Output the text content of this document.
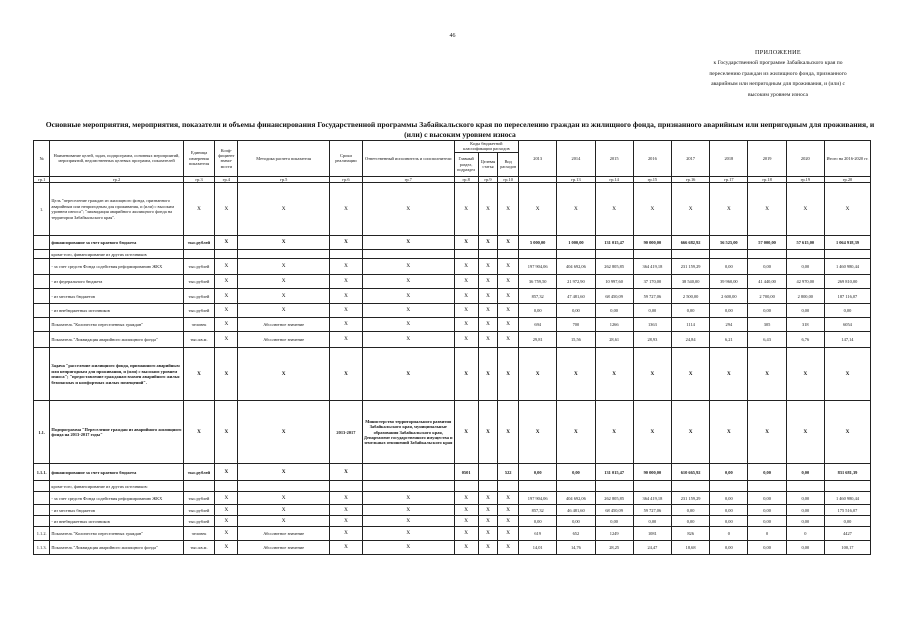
46
ПРИЛОЖЕНИЕ
к Государственной программе Забайкальского края по
переселению граждан из жилищного фонда, признанного
аварийным или непригодным для проживания, и (или) с
высоким уровнем износа
Основные мероприятия, мероприятия, показатели и объемы финансирования Государственной программы Забайкальского края по переселению граждан из жилищного фонда, признанного аварийным или непригодным для проживания, и (или) с высоким уровнем износа
№	Наименование целей, задач, подпрограмм, основных мероприятий, мероприятий, ведомственных целевых программ, показателей	Единица измерения показателя	Коэф-фициент значи-мости	Методика расчета показателя	Сроки реализации	Ответственный исполнитель и соисполнители	Коды бюджетной классификации расходов			2013	2014	2015	2016	2017	2018	2019	2020	Итого на 2016-2020 гг.
							Главный раздел, подраздел	Целевая статья	Вид расходов									
гр.1	гр.2	гр.3	гр.4	гр.5	гр.6	гр.7	гр.8	гр.9	гр.10		гр.13	гр.14	гр.15	гр.16	гр.17	гр.18	гр.19	гр.20
1.	Цель "переселение граждан из жилищного фонда, признанного аварийным или непригодным для проживания, и (или) с высоким уровнем износа"; "ликвидация аварийного жилищного фонда на территории Забайкальского края".	X	X	X	X	X	X	X	X	X	X	X	X	X	X	X	X	X
	финансирование за счет краевого бюджета	тыс.рублей	X	X	X	X	X	X	X	5 000,00	1 000,00	131 015,47	90 000,00	666 682,92	56 525,00	57 000,00	57 615,00	1 064 918,39
	кроме того, финансирование из других источников																	
	- за счет средств Фонда содействия реформированию ЖКХ	тыс.рублей	X	X	X	X	X	X	X	197 904,06	404 692,06	262 805,85	364 419,18	231 159,29	0,00	0,00	0,00	1 460 980,44
	- из федерального бюджета	тыс.рублей	X	X	X	X	X	X	X	36 759,50	21 972,90	10 997,60	37 170,00	38 540,00	39 960,00	41 440,00	42 970,00	269 810,00
	- из местных бюджетов	тыс.рублей	X	X	X	X	X	X	X	857,32	47 481,60	68 450,09	59 727,06	2 500,00	2 600,00	2 700,00	2 800,00	187 116,07
	- из внебюджетных источников	тыс.рублей	X	X	X	X	X	X	X	0,00	0,00	0,00	0,00	0,00	0,00	0,00	0,00	0,00
	Показатель "Количество переселенных граждан"	человек	X	Абсолютное значение	X	X	X	X	X	694	700	1266	1363	1114	294	305	318	6054
	Показатель "Ликвидация аварийного жилищного фонда"	тыс.кв.м.	X	Абсолютное значение	X	X	X	X	X	29,81	15,56	28,61	28,93	24,84	6,21	6,43	6,76	147,14
	Задача "расселение жилищного фонда, признанного аварийным или непригодным для проживания, и (или) с высоким уровнем износа"; "предоставление гражданам взамен аварийного жилья безопасных и комфортных жилых помещений".	X	X	X	X	X	X	X	X	X	X	X	X	X	X	X	X	X
1.1.	Подпрограмма "Переселение граждан из аварийного жилищного фонда на 2013-2017 годы"	X	X	X	2013-2017	Министерство территориального развития Забайкальского края, муниципальные образования Забайкальского края, Департамент государственного имущества и земельных отношений Забайкальского края	X	X	X	X	X	X	X	X	X	X	X	X
1.1.1.	финансирование за счет краевого бюджета	тыс.рублей	X	X	X		0501		522	0,00	0,00	131 015,47	90 000,00	610 665,92	0,00	0,00	0,00	831 681,39
	кроме того, финансирование из других источников:																	
	- за счет средств Фонда содействия реформированию ЖКХ	тыс.рублей	X	X	X	X	X	X	X	197 904,06	404 692,06	262 805,85	364 419,18	231 159,29	0,00	0,00	0,00	1 460 980,44
	- из местных бюджетов	тыс.рублей	X	X	X	X	X	X	X	857,32	46 481,60	68 450,09	59 727,06	0,00	0,00	0,00	0,00	175 516,07
	- из внебюджетных источников	тыс.рублей	X	X	X	X	X	X	X	0,00	0,00	0,00	0,00	0,00	0,00	0,00	0,00	0,00
1.1.2.	Показатель "Количество переселенных граждан"	человек	X	Абсолютное значение	X	X	X	X	X	619	652	1249	1081	826	0	0	0	4427
1.1.3.	Показатель "Ликвидация аварийного жилищного фонда"	тыс.кв.м.	X	Абсолютное значение	X	X	X	X	X	14,01	14,76	28,25	24,47	18,68	0,00	0,00	0,00	100,17
